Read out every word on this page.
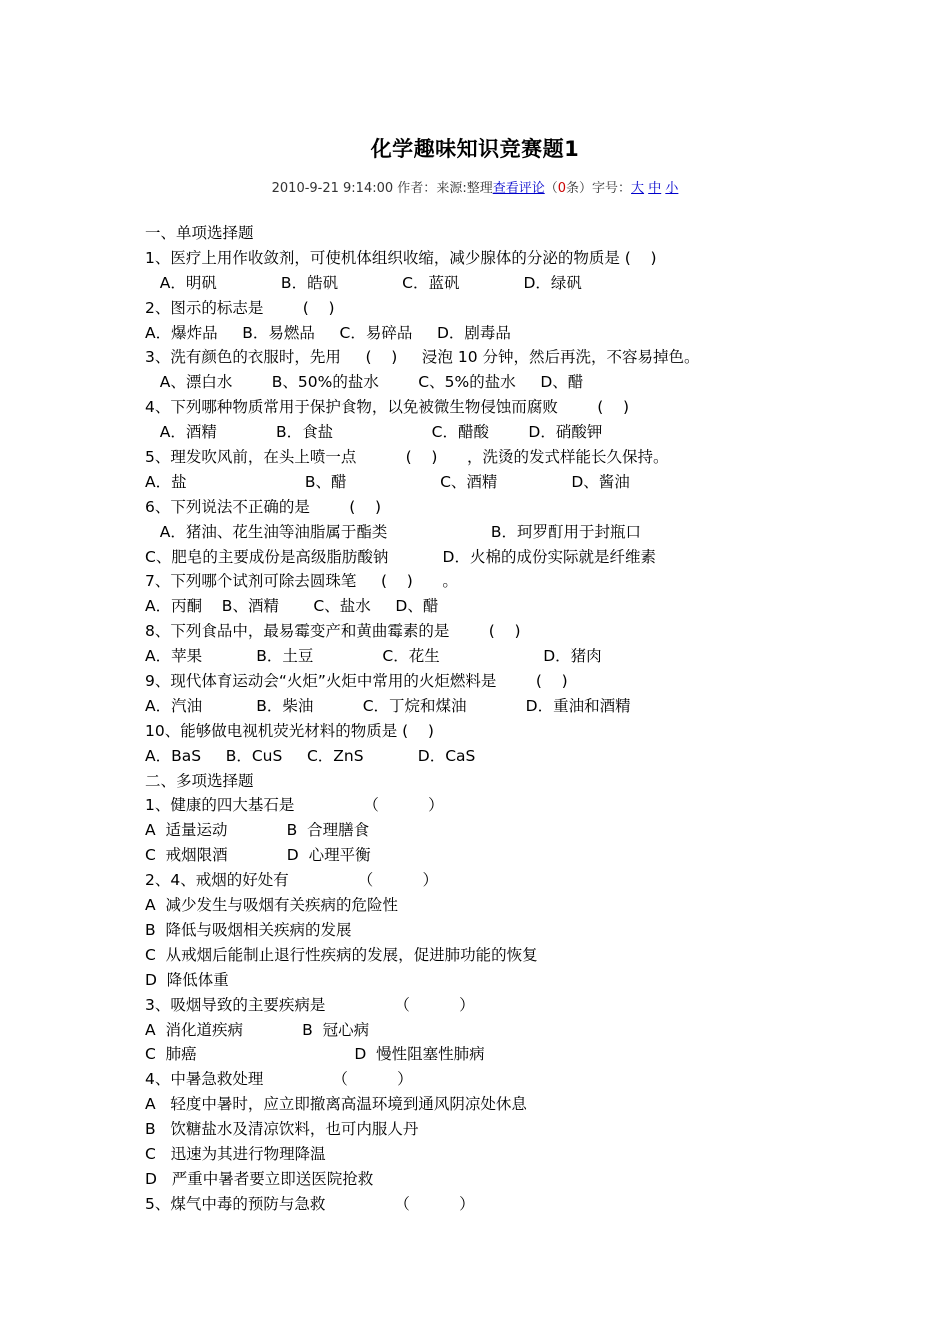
化学趣味知识竞赛题1
2010-9-21 9:14:00 作者：来源:整理查看评论（0条）字号：大 中 小
一、单项选择题
1、医疗上用作收敛剂，可使机体组织收缩，减少腺体的分泌的物质是 (    )
A．明矾             B．皓矾             C．蓝矾             D．绿矾
2、图示的标志是        (    )
A．爆炸品     B．易燃品     C．易碎品     D．剧毒品
3、洗有颜色的衣服时，先用     (    )     浸泡 10 分钟，然后再洗，不容易掉色。
A、漂白水        B、50%的盐水        C、5%的盐水     D、醋
4、下列哪种物质常用于保护食物，以免被微生物侵蚀而腐败        (    )
A．酒精            B．食盐                    C．醋酸        D．硝酸钾
5、理发吹风前，在头上喷一点          (    )      ，洗烫的发式样能长久保持。
A．盐                        B、醋                   C、酒精               D、酱油
6、下列说法不正确的是        (    )
A．猪油、花生油等油脂属于酯类                     B．珂罗酊用于封瓶口
C、肥皂的主要成份是高级脂肪酸钠           D．火棉的成份实际就是纤维素
7、下列哪个试剂可除去圆珠笔     (    )      。
A．丙酮    B、酒精       C、盐水     D、醋
8、下列食品中，最易霉变产和黄曲霉素的是        (    )
A．苹果           B．土豆              C．花生                     D．猪肉
9、现代体育运动会“火炬”火炬中常用的火炬燃料是        (    )
A．汽油           B．柴油          C．丁烷和煤油            D．重油和酒精
10、能够做电视机荧光材料的物质是 (    )
A．BaS     B．CuS     C．ZnS           D．CaS
二、多项选择题
1、健康的四大基石是              （          ）
A  适量运动            B  合理膳食
C  戒烟限酒            D  心理平衡
2、4、戒烟的好处有              （          ）
A  减少发生与吸烟有关疾病的危险性
B  降低与吸烟相关疾病的发展
C  从戒烟后能制止退行性疾病的发展，促进肺功能的恢复
D  降低体重
3、吸烟导致的主要疾病是              （          ）
A  消化道疾病            B  冠心病
C  肺癌                                D  慢性阻塞性肺病
4、中暑急救处理              （          ）
A   轻度中暑时，应立即撤离高温环境到通风阴凉处休息
B   饮糖盐水及清凉饮料，也可内服人丹
C   迅速为其进行物理降温
D   严重中暑者要立即送医院抢救
5、煤气中毒的预防与急救              （          ）
